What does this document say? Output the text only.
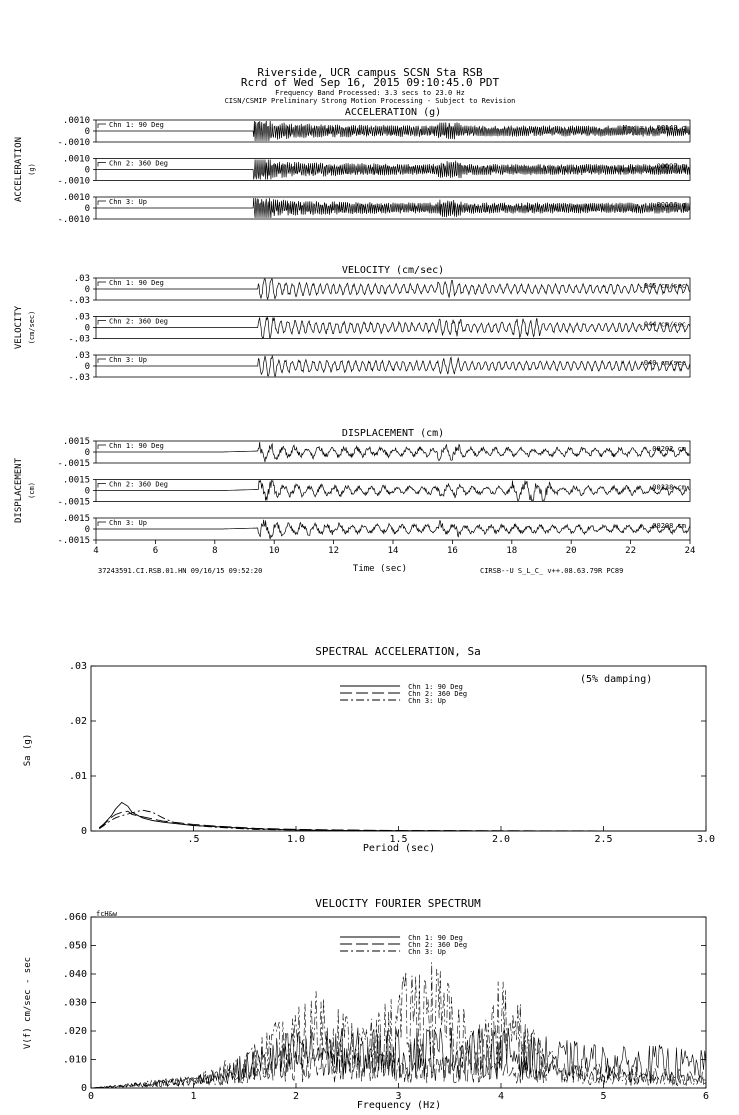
Riverside, UCR campus SCSN Sta RSB
Rcrd of Wed Sep 16, 2015 09:10:45.0 PDT
Frequency Band Processed: 3.3 secs to 23.0 Hz
CISN/CSMIP Preliminary Strong Motion Processing - Subject to Revision
ACCELERATION (g)
ACCELERATION (g)
.0010
0
-.0010
Chn 1: 90 Deg	Max = -.00148 g
.0010
0
-.0010
Chn 2: 360 Deg	-.00097 g
.0010
0
-.0010
Chn 3: Up	.00166 g
VELOCITY (cm/sec)
VELOCITY (cm/sec)
.03
0
-.03
Chn 1: 90 Deg	.045 cm/sec
.03
0
-.03
Chn 2: 360 Deg	.044 cm/sec
.03
0
-.03
Chn 3: Up	.040 cm/sec
DISPLACEMENT (cm)
DISPLACEMENT (cm)
.0015
0
-.0015
Chn 1: 90 Deg	.00202 cm
.0015
0
-.0015
Chn 2: 360 Deg	.00238 cm
.0015
0
-.0015
Chn 3: Up	.00208 cm
4	6	8	10	12	14	16	18	20	22	24
Time (sec)
37243591.CI.RSB.01.HN 09/16/15 09:52:20	CIRSB--U S_L_C_ v++.08.63.79R PC89
SPECTRAL ACCELERATION, Sa
Sa (g)
Period (sec)
(5% damping)
0
.01
.02
.03
.5	1.0	1.5	2.0	2.5	3.0
Chn 1: 90 Deg
Chn 2: 360 Deg
Chn 3: Up
VELOCITY FOURIER SPECTRUM
V(f) cm/sec - sec
Frequency (Hz)
fcH&w
0
.010
.020
.030
.040
.050
.060
0	1	2	3	4	5	6
Chn 1: 90 Deg
Chn 2: 360 Deg
Chn 3: Up
